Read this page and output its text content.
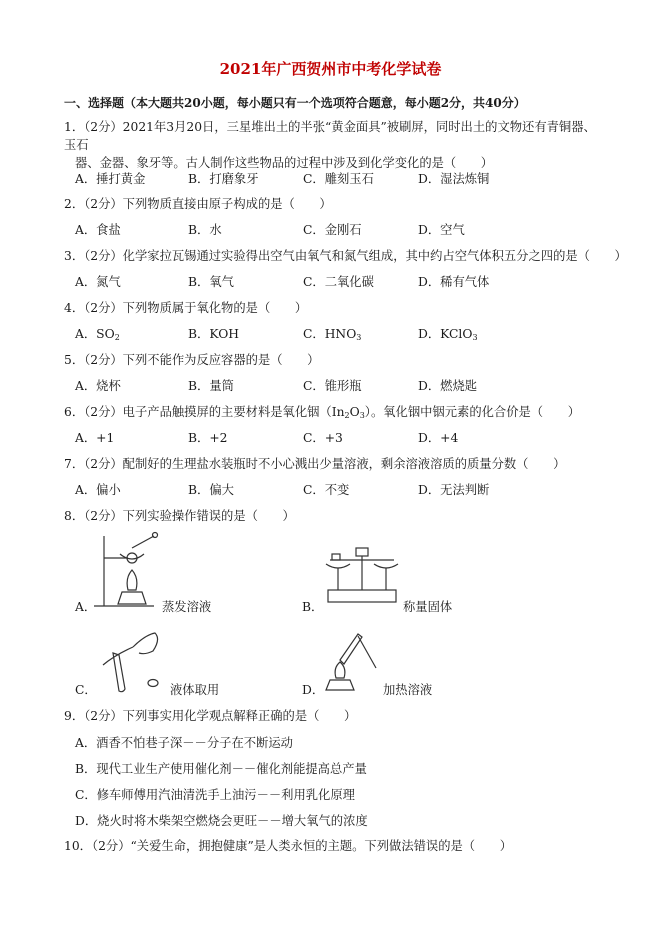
2021年广西贺州市中考化学试卷
一、选择题（本大题共20小题，每小题只有一个选项符合题意，每小题2分，共40分）
1．（2分）2021年3月20日，三星堆出土的半张“黄金面具”被刷屏，同时出土的文物还有青铜器、玉石
器、金器、象牙等。古人制作这些物品的过程中涉及到化学变化的是（　　）
A．捶打黄金	B．打磨象牙	C．雕刻玉石	D．湿法炼铜
2．（2分）下列物质直接由原子构成的是（　　）
A．食盐	B．水	C．金刚石	D．空气
3．（2分）化学家拉瓦锡通过实验得出空气由氧气和氮气组成，其中约占空气体积五分之四的是（　　）
A．氮气	B．氧气	C．二氧化碳	D．稀有气体
4．（2分）下列物质属于氧化物的是（　　）
A．$SO_2$	B．KOH	C．$HNO_3$	D．KClO$_3$
5．（2分）下列不能作为反应容器的是（　　）
A．烧杯	B．量筒	C．锥形瓶	D．燃烧匙
6．（2分）电子产品触摸屏的主要材料是氧化铟$(In_2O_3)$。氧化铟中铟元素的化合价是（　　）
A．+1	B．+2	C．+3	D．+4
7．（2分）配制好的生理盐水装瓶时不小心溅出少量溶液，剩余溶液溶质的质量分数（　　）
A．偏小	B．偏大	C．不变	D．无法判断
8．（2分）下列实验操作错误的是（　　）
A．	蒸发溶液	B．	称量固体
C．	液体取用	D．	加热溶液
9．（2分）下列事实用化学观点解释正确的是（　　）
A．酒香不怕巷子深－－分子在不断运动
B．现代工业生产使用催化剂－－催化剂能提高总产量
C．修车师傅用汽油清洗手上油污－－利用乳化原理
D．烧火时将木柴架空燃烧会更旺－－增大氧气的浓度
10．（2分）“关爱生命，拥抱健康”是人类永恒的主题。下列做法错误的是（　　）
